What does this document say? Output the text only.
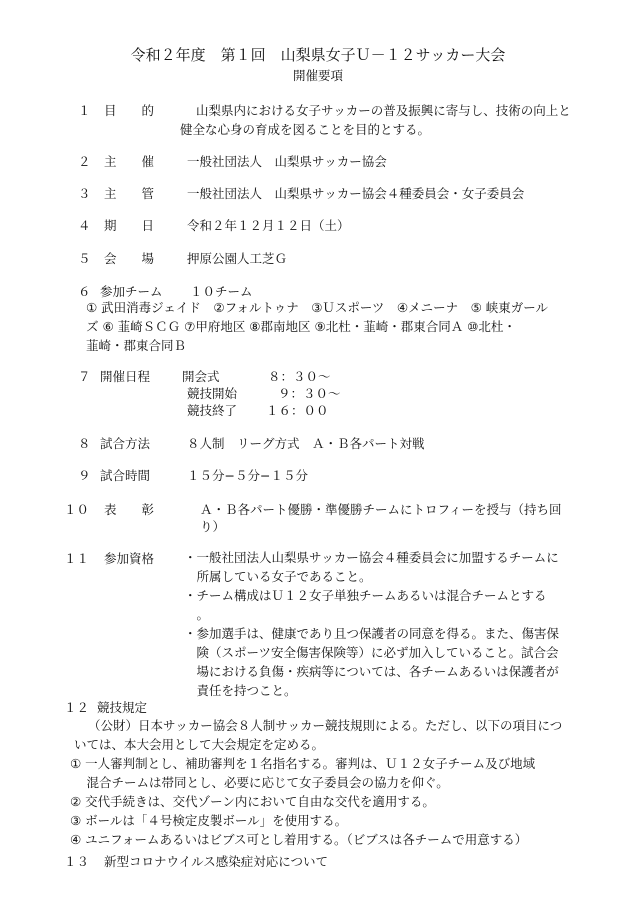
令和２年度　第１回　山梨県女子Ｕ－１２サッカー大会
開催要項
１ 目　　的	山梨県内における女子サッカーの普及振興に寄与し、技術の向上と
健全な心身の育成を図ることを目的とする。
２ 主　　催	一般社団法人　山梨県サッカー協会
３ 主　　管	一般社団法人　山梨県サッカー協会４種委員会・女子委員会
４ 期　　日	令和２年１２月１２日（土）
５ 会　　場	押原公園人工芝Ｇ
６ 参加チーム １０チーム
① 武田消毒ジェイド　②フォルトゥナ　③Ｕスポーツ　④メニーナ　⑤ 峡東ガール
ズ ⑥ 韮崎ＳＣＧ ⑦甲府地区 ⑧郡南地区 ⑨北杜・韮崎・郡東合同Ａ ⑩北杜・
韮崎・郡東合同Ｂ
７ 開催日程	開会式	８：３０～
競技開始	９：３０～
競技終了 １６：００
８ 試合方法	８人制　リーグ方式　Ａ・Ｂ各パート対戦
９ 試合時間	１５分−５分−１５分
１０ 表　　彰	Ａ・Ｂ各パート優勝・準優勝チームにトロフィーを授与（持ち回
り）
１１ 参加資格 ・一般社団法人山梨県サッカー協会４種委員会に加盟するチームに
　所属している女子であること。
・チーム構成はＵ１２女子単独チームあるいは混合チームとする
　。
・参加選手は、健康であり且つ保護者の同意を得る。また、傷害保
　険（スポーツ安全傷害保険等）に必ず加入していること。試合会
　場における負傷・疾病等については、各チームあるいは保護者が
　責任を持つこと。
１２ 競技規定
（公財）日本サッカー協会８人制サッカー競技規則による。ただし、以下の項目につ
いては、本大会用として大会規定を定める。
① 一人審判制とし、補助審判を１名指名する。審判は、Ｕ１２女子チーム及び地域
　 混合チームは帯同とし、必要に応じて女子委員会の協力を仰ぐ。
② 交代手続きは、交代ゾーン内において自由な交代を適用する。
③ ボールは「４号検定皮製ボール」を使用する。
④ ユニフォームあるいはビブス可とし着用する。（ビブスは各チームで用意する）
１３ 新型コロナウイルス感染症対応について
